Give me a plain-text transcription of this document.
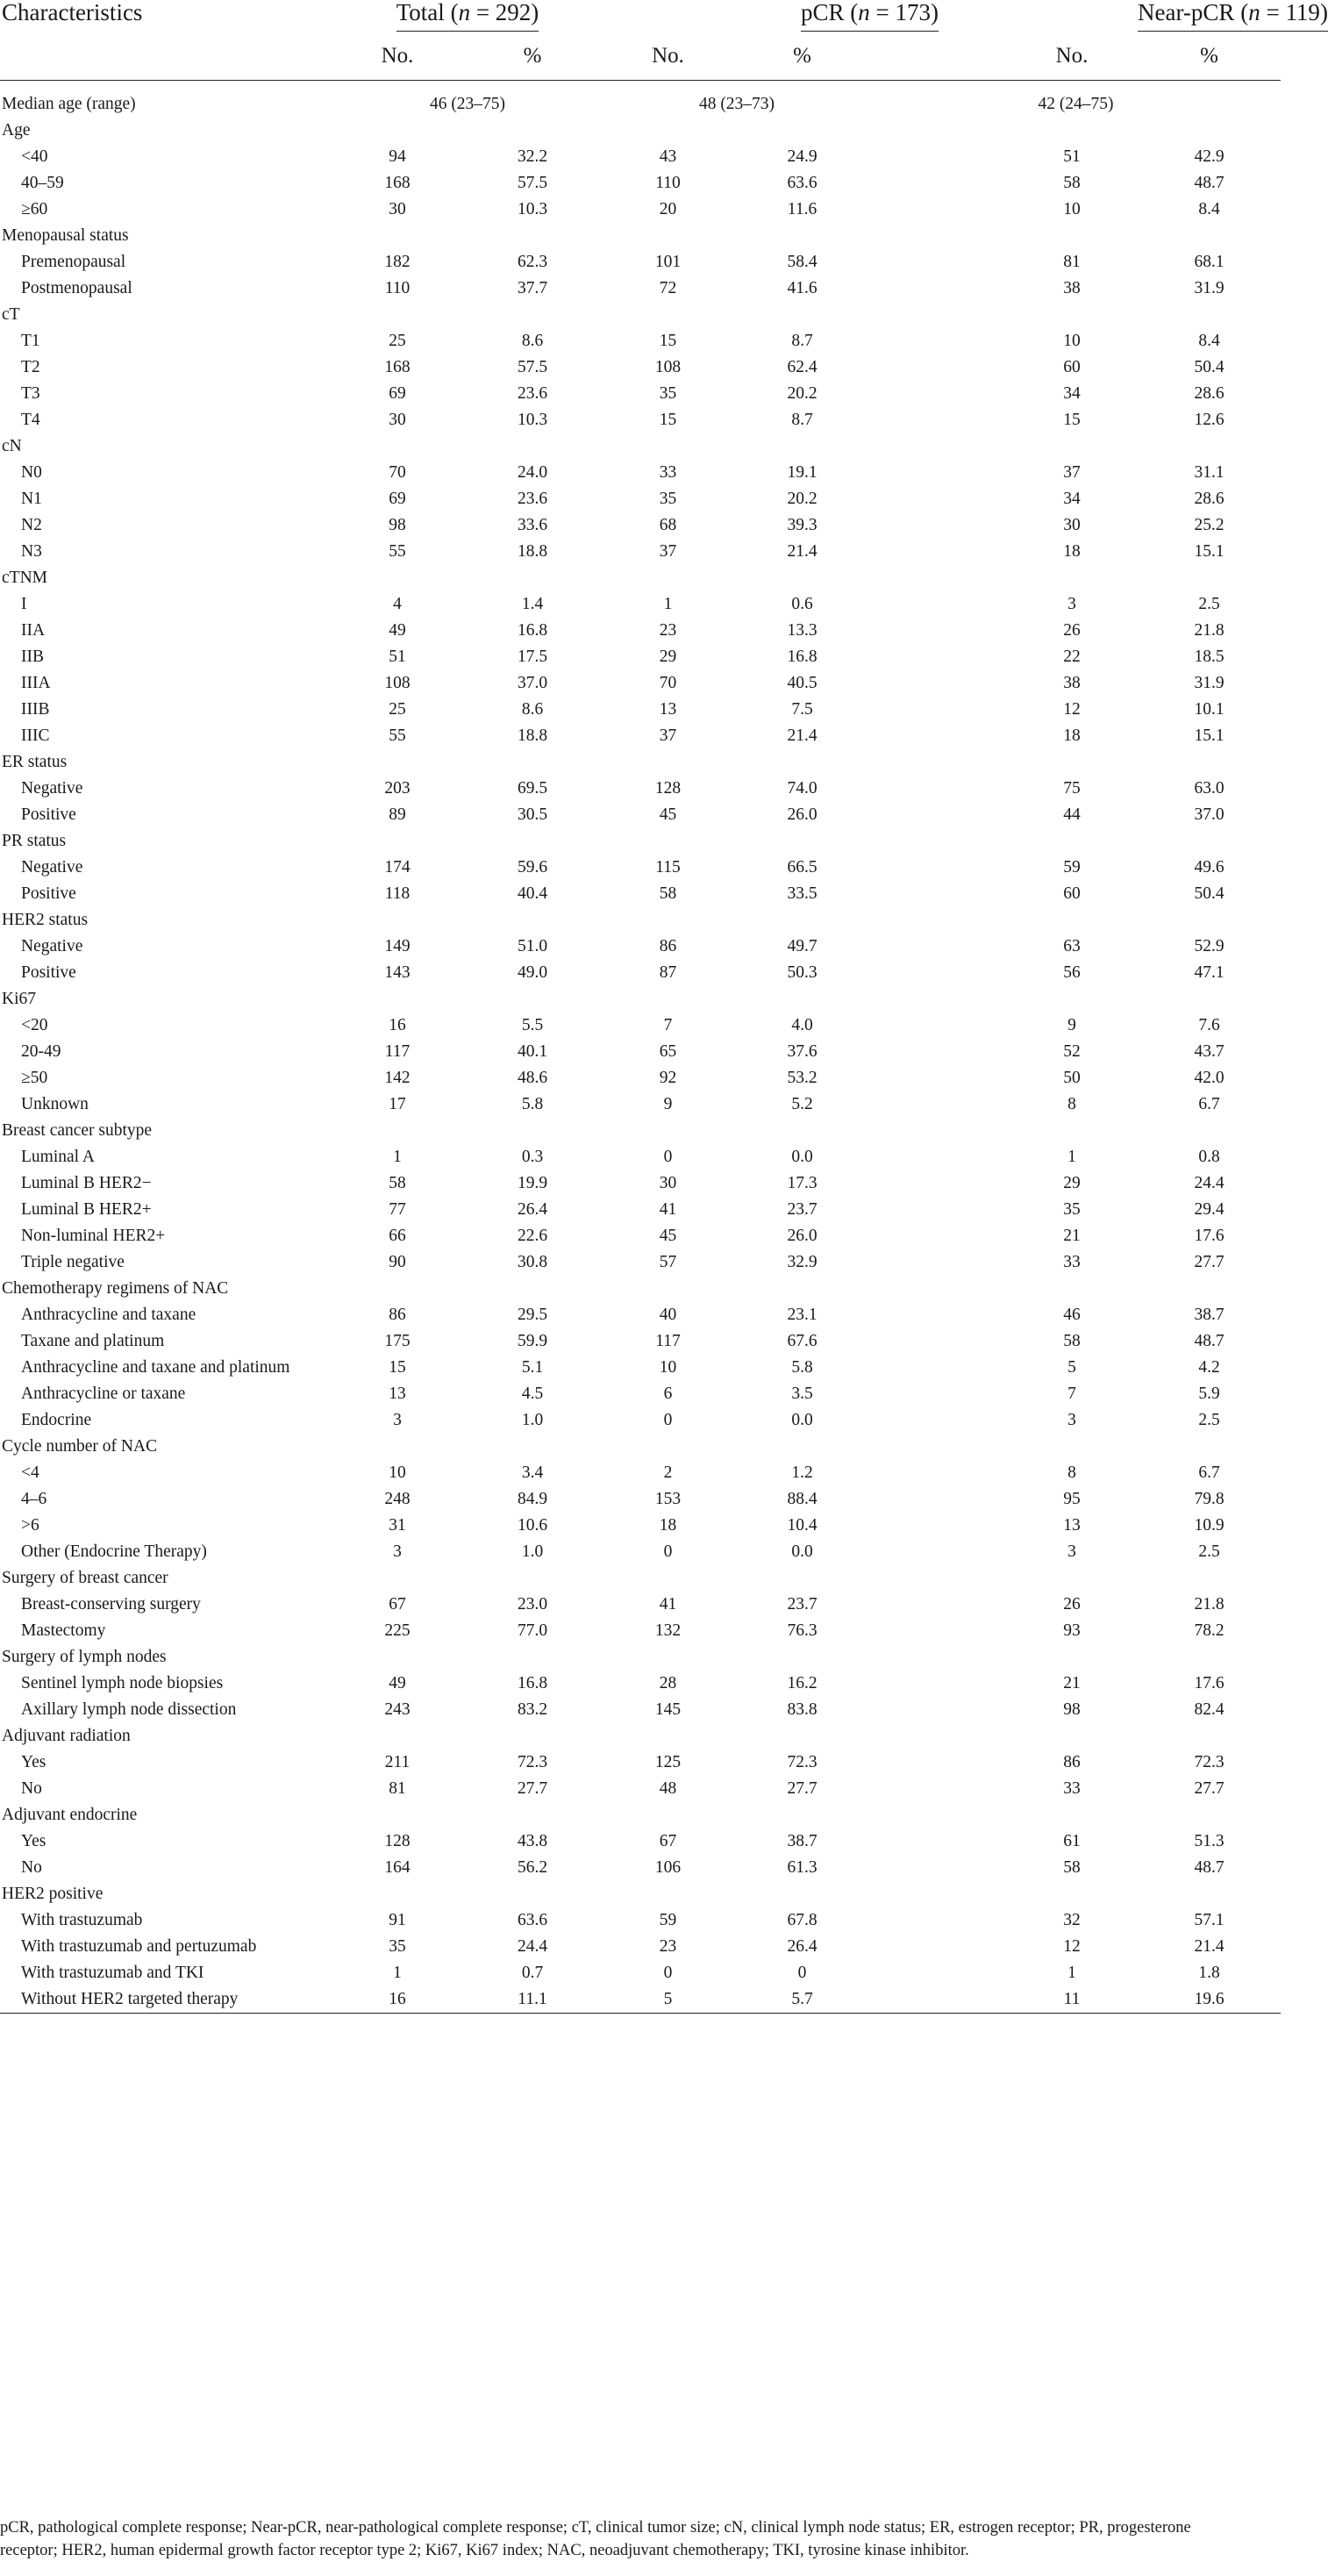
Characteristics		Total (n = 292)			pCR (n = 173)			Near-pCR (n = 119)
		No.	%	No.	%		No.	%
Median age (range)		46 (23–75)		48 (23–73)		42 (24–75)		
Age								
<40		94	32.2	43	24.9		51	42.9
40–59		168	57.5	110	63.6		58	48.7
≥60		30	10.3	20	11.6		10	8.4
Menopausal status								
Premenopausal		182	62.3	101	58.4		81	68.1
Postmenopausal		110	37.7	72	41.6		38	31.9
cT								
T1		25	8.6	15	8.7		10	8.4
T2		168	57.5	108	62.4		60	50.4
T3		69	23.6	35	20.2		34	28.6
T4		30	10.3	15	8.7		15	12.6
cN								
N0		70	24.0	33	19.1		37	31.1
N1		69	23.6	35	20.2		34	28.6
N2		98	33.6	68	39.3		30	25.2
N3		55	18.8	37	21.4		18	15.1
cTNM								
I		4	1.4	1	0.6		3	2.5
IIA		49	16.8	23	13.3		26	21.8
IIB		51	17.5	29	16.8		22	18.5
IIIA		108	37.0	70	40.5		38	31.9
IIIB		25	8.6	13	7.5		12	10.1
IIIC		55	18.8	37	21.4		18	15.1
ER status								
Negative		203	69.5	128	74.0		75	63.0
Positive		89	30.5	45	26.0		44	37.0
PR status								
Negative		174	59.6	115	66.5		59	49.6
Positive		118	40.4	58	33.5		60	50.4
HER2 status								
Negative		149	51.0	86	49.7		63	52.9
Positive		143	49.0	87	50.3		56	47.1
Ki67								
<20		16	5.5	7	4.0		9	7.6
20-49		117	40.1	65	37.6		52	43.7
≥50		142	48.6	92	53.2		50	42.0
Unknown		17	5.8	9	5.2		8	6.7
Breast cancer subtype								
Luminal A		1	0.3	0	0.0		1	0.8
Luminal B HER2−		58	19.9	30	17.3		29	24.4
Luminal B HER2+		77	26.4	41	23.7		35	29.4
Non-luminal HER2+		66	22.6	45	26.0		21	17.6
Triple negative		90	30.8	57	32.9		33	27.7
Chemotherapy regimens of NAC								
Anthracycline and taxane		86	29.5	40	23.1		46	38.7
Taxane and platinum		175	59.9	117	67.6		58	48.7
Anthracycline and taxane and platinum		15	5.1	10	5.8		5	4.2
Anthracycline or taxane		13	4.5	6	3.5		7	5.9
Endocrine		3	1.0	0	0.0		3	2.5
Cycle number of NAC								
<4		10	3.4	2	1.2		8	6.7
4–6		248	84.9	153	88.4		95	79.8
>6		31	10.6	18	10.4		13	10.9
Other (Endocrine Therapy)		3	1.0	0	0.0		3	2.5
Surgery of breast cancer								
Breast-conserving surgery		67	23.0	41	23.7		26	21.8
Mastectomy		225	77.0	132	76.3		93	78.2
Surgery of lymph nodes								
Sentinel lymph node biopsies		49	16.8	28	16.2		21	17.6
Axillary lymph node dissection		243	83.2	145	83.8		98	82.4
Adjuvant radiation								
Yes		211	72.3	125	72.3		86	72.3
No		81	27.7	48	27.7		33	27.7
Adjuvant endocrine								
Yes		128	43.8	67	38.7		61	51.3
No		164	56.2	106	61.3		58	48.7
HER2 positive								
With trastuzumab		91	63.6	59	67.8		32	57.1
With trastuzumab and pertuzumab		35	24.4	23	26.4		12	21.4
With trastuzumab and TKI		1	0.7	0	0		1	1.8
Without HER2 targeted therapy		16	11.1	5	5.7		11	19.6
pCR, pathological complete response; Near-pCR, near-pathological complete response; cT, clinical tumor size; cN, clinical lymph node status; ER, estrogen receptor; PR, progesterone
receptor; HER2, human epidermal growth factor receptor type 2; Ki67, Ki67 index; NAC, neoadjuvant chemotherapy; TKI, tyrosine kinase inhibitor.
